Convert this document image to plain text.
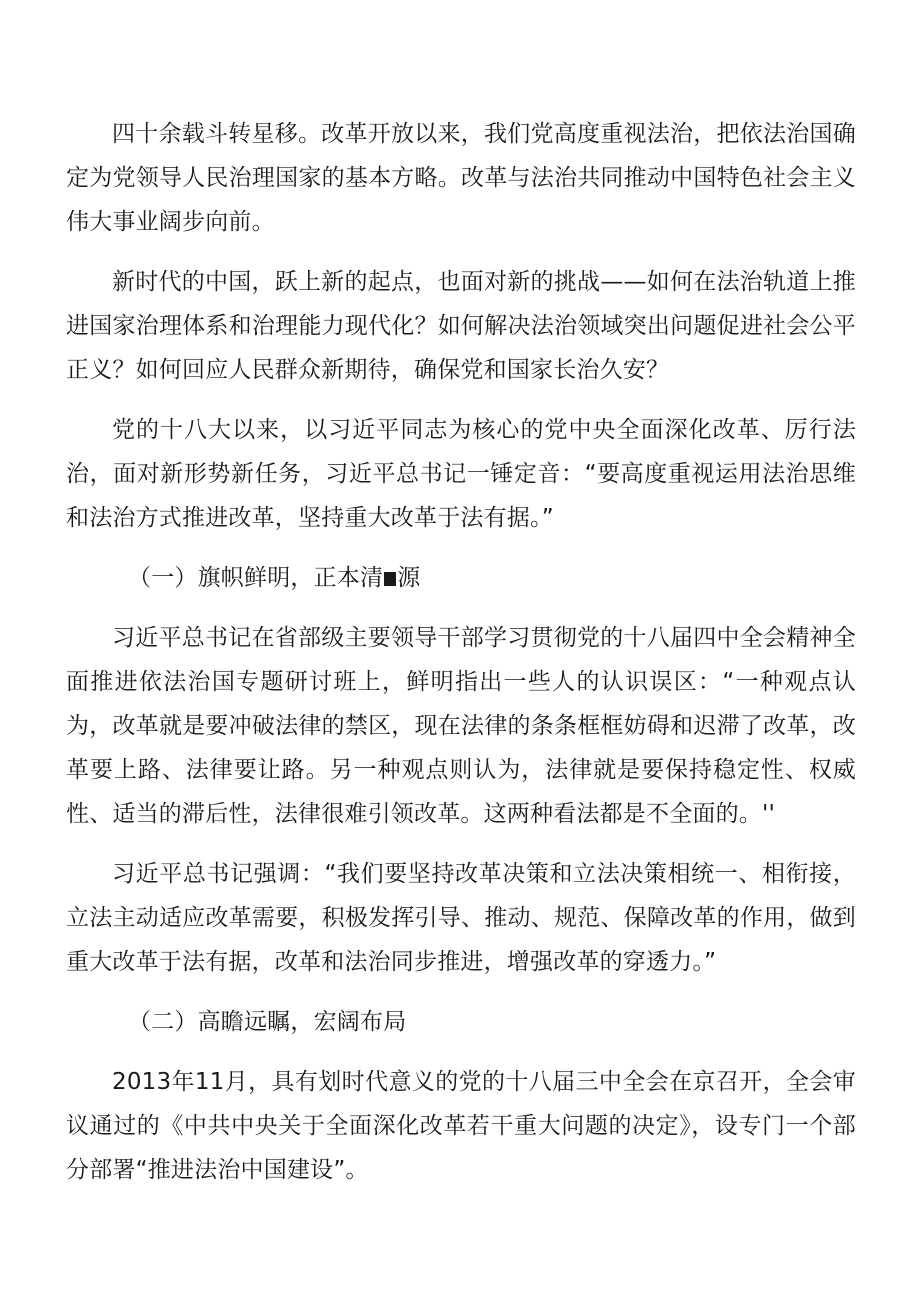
四十余载斗转星移。改革开放以来，我们党高度重视法治，把依法治国确定为党领导人民治理国家的基本方略。改革与法治共同推动中国特色社会主义伟大事业阔步向前。

新时代的中国，跃上新的起点，也面对新的挑战——如何在法治轨道上推进国家治理体系和治理能力现代化？如何解决法治领域突出问题促进社会公平正义？如何回应人民群众新期待，确保党和国家长治久安？

党的十八大以来，以习近平同志为核心的党中央全面深化改革、厉行法治，面对新形势新任务，习近平总书记一锤定音：“要高度重视运用法治思维和法治方式推进改革，坚持重大改革于法有据。”

（一）旗帜鲜明，正本清 源

习近平总书记在省部级主要领导干部学习贯彻党的十八届四中全会精神全面推进依法治国专题研讨班上，鲜明指出一些人的认识误区：“一种观点认为，改革就是要冲破法律的禁区，现在法律的条条框框妨碍和迟滞了改革，改革要上路、法律要让路。另一种观点则认为，法律就是要保持稳定性、权威性、适当的滞后性，法律很难引领改革。这两种看法都是不全面的。''

习近平总书记强调：“我们要坚持改革决策和立法决策相统一、相衔接，立法主动适应改革需要，积极发挥引导、推动、规范、保障改革的作用，做到重大改革于法有据，改革和法治同步推进，增强改革的穿透力。”

（二）高瞻远瞩，宏阔布局

2013年11月，具有划时代意义的党的十八届三中全会在京召开，全会审议通过的《中共中央关于全面深化改革若干重大问题的决定》，设专门一个部分部署“推进法治中国建设”。
